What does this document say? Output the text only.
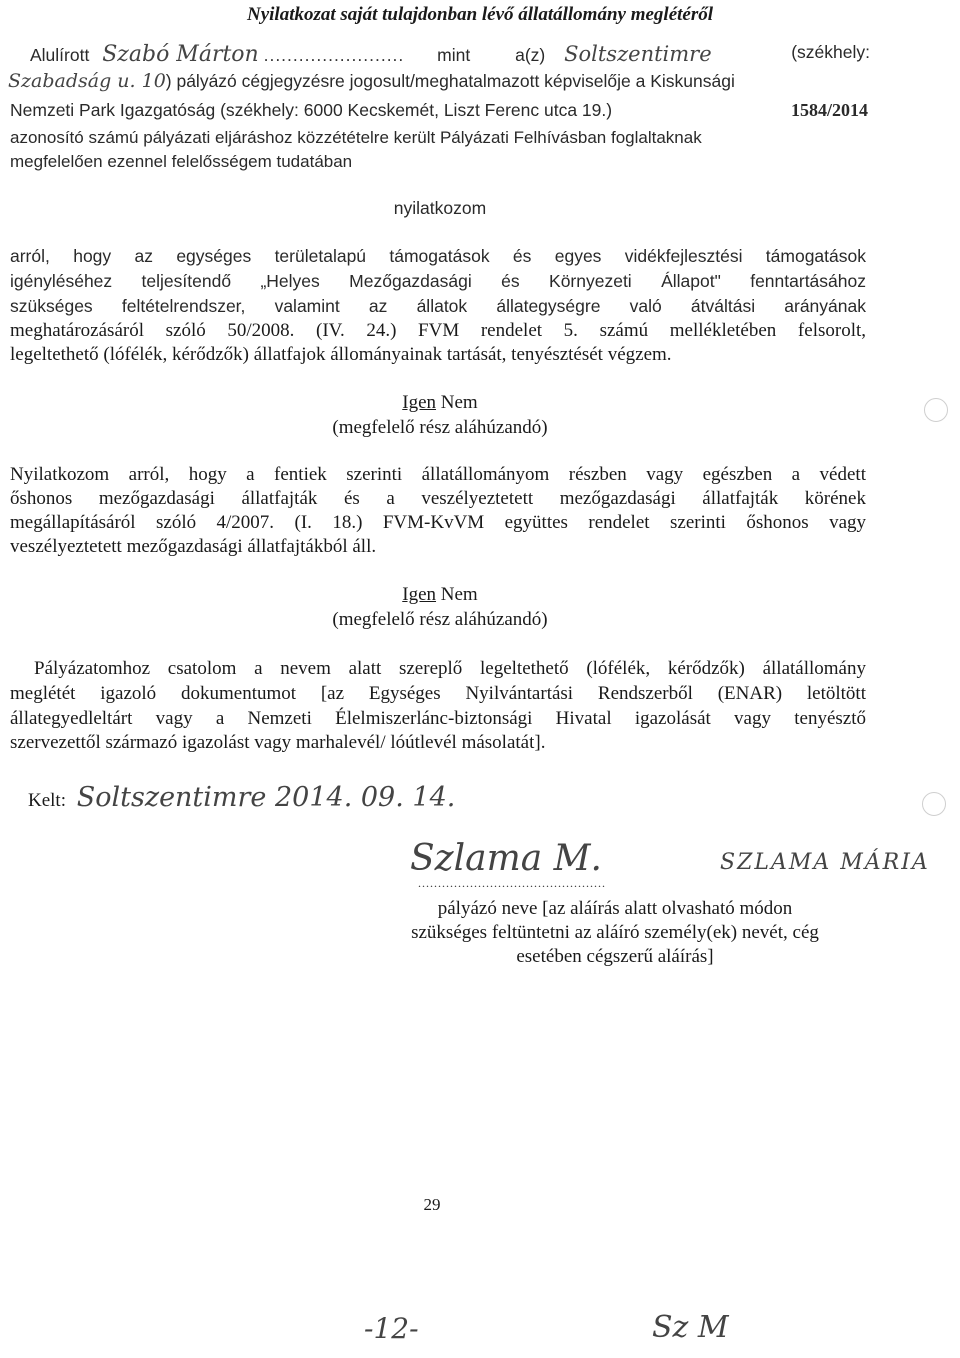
Nyilatkozat saját tulajdonban lévő állatállomány meglétéről
Alulírott Szabó Márton ........................ mint	a(z) Soltszentimre	(székhely:
Szabadság u. 10) pályázó cégjegyzésre jogosult/meghatalmazott képviselője a Kiskunsági
Nemzeti Park Igazgatóság (székhely: 6000 Kecskemét, Liszt Ferenc utca 19.)	1584/2014
azonosító számú pályázati eljáráshoz közzétételre került Pályázati Felhívásban foglaltaknak
megfelelően ezennel felelősségem tudatában
nyilatkozom
arról, hogy az egységes területalapú támogatások és egyes vidékfejlesztési támogatások
igényléséhez teljesítendő „Helyes Mezőgazdasági és Környezeti Állapot" fenntartásához
szükséges feltételrendszer, valamint az állatok állategységre való átváltási arányának
meghatározásáról szóló 50/2008. (IV. 24.) FVM rendelet 5. számú mellékletében felsorolt,
legeltethető (lófélék, kérődzők) állatfajok állományainak tartását, tenyésztését végzem.
Igen Nem
(megfelelő rész aláhúzandó)
Nyilatkozom arról, hogy a fentiek szerinti állatállományom részben vagy egészben a védett
őshonos mezőgazdasági állatfajták és a veszélyeztetett mezőgazdasági állatfajták körének
megállapításáról szóló 4/2007. (I. 18.) FVM-KvVM együttes rendelet szerinti őshonos vagy
veszélyeztetett mezőgazdasági állatfajtákból áll.
Igen Nem
(megfelelő rész aláhúzandó)
Pályázatomhoz csatolom a nevem alatt szereplő legeltethető (lófélék, kérődzők) állatállomány
meglétét igazoló dokumentumot [az Egységes Nyilvántartási Rendszerből (ENAR) letöltött
állategyedleltárt vagy a Nemzeti Élelmiszerlánc-biztonsági Hivatal igazolását vagy tenyésztő
szervezettől származó igazolást vagy marhalevél/ lóútlevél másolatát].
Kelt: Soltszentimre 2014. 09. 14.
Szlama M.	SZLAMA MÁRIA
...............................................
pályázó neve [az aláírás alatt olvasható módon
szükséges feltüntetni az aláíró személy(ek) nevét, cég
esetében cégszerű aláírás]
29
-12-	Sz M
